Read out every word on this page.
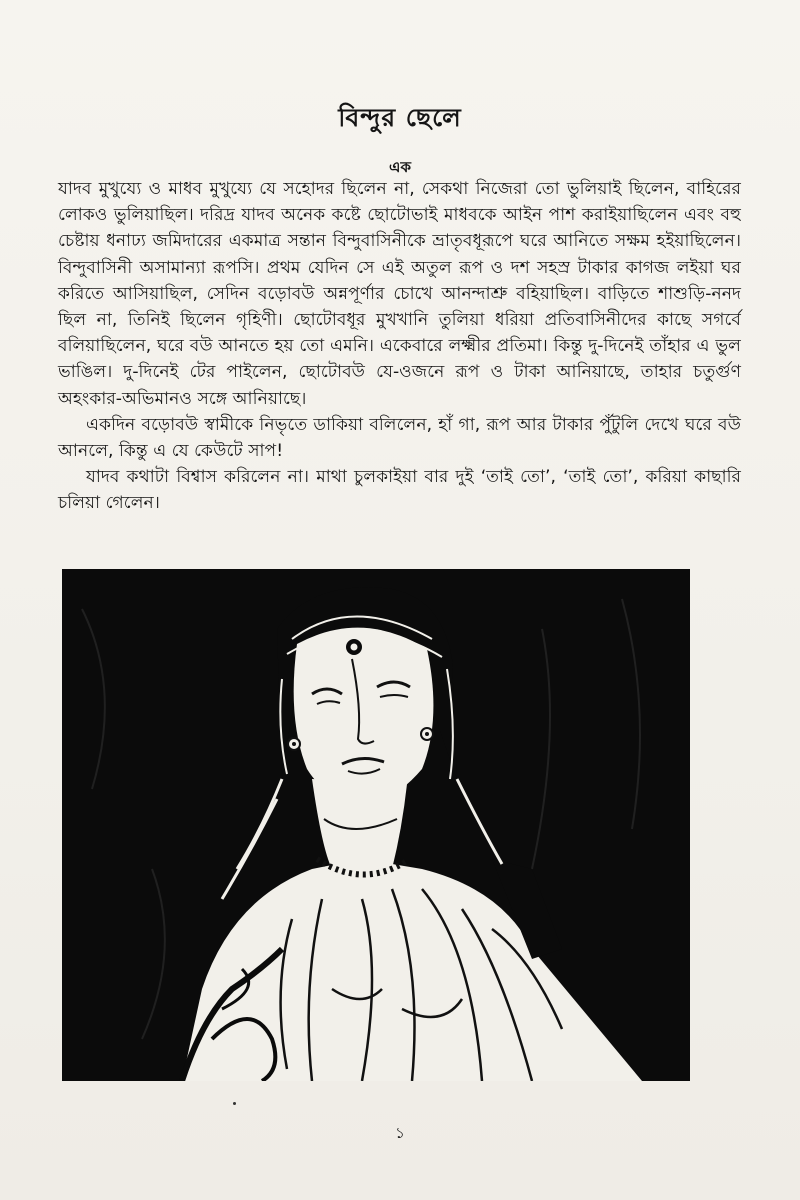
বিন্দুর ছেলে
এক

যাদব মুখুয্যে ও মাধব মুখুয্যে যে সহোদর ছিলেন না, সেকথা নিজেরা তো ভুলিয়াই ছিলেন, বাহিরের লোকও ভুলিয়াছিল। দরিদ্র যাদব অনেক কষ্টে ছোটোভাই মাধবকে আইন পাশ করাইয়াছিলেন এবং বহু চেষ্টায় ধনাঢ্য জমিদারের একমাত্র সন্তান বিন্দুবাসিনীকে ভ্রাতৃবধূরূপে ঘরে আনিতে সক্ষম হইয়াছিলেন। বিন্দুবাসিনী অসামান্যা রূপসি। প্রথম যেদিন সে এই অতুল রূপ ও দশ সহস্র টাকার কাগজ লইয়া ঘর করিতে আসিয়াছিল, সেদিন বড়োবউ অন্নপূর্ণার চোখে আনন্দাশ্রু বহিয়াছিল। বাড়িতে শাশুড়ি-ননদ ছিল না, তিনিই ছিলেন গৃহিণী। ছোটোবধূর মুখখানি তুলিয়া ধরিয়া প্রতিবাসিনীদের কাছে সগর্বে বলিয়াছিলেন, ঘরে বউ আনতে হয় তো এমনি। একেবারে লক্ষ্মীর প্রতিমা। কিন্তু দু-দিনেই তাঁহার এ ভুল ভাঙিল। দু-দিনেই টের পাইলেন, ছোটোবউ যে-ওজনে রূপ ও টাকা আনিয়াছে, তাহার চতুর্গুণ অহংকার-অভিমানও সঙ্গে আনিয়াছে।

একদিন বড়োবউ স্বামীকে নিভৃতে ডাকিয়া বলিলেন, হাঁ গা, রূপ আর টাকার পুঁটুলি দেখে ঘরে বউ আনলে, কিন্তু এ যে কেউটে সাপ!

যাদব কথাটা বিশ্বাস করিলেন না। মাথা চুলকাইয়া বার দুই ‘তাই তো’, ‘তাই তো’, করিয়া কাছারি চলিয়া গেলেন।

১
